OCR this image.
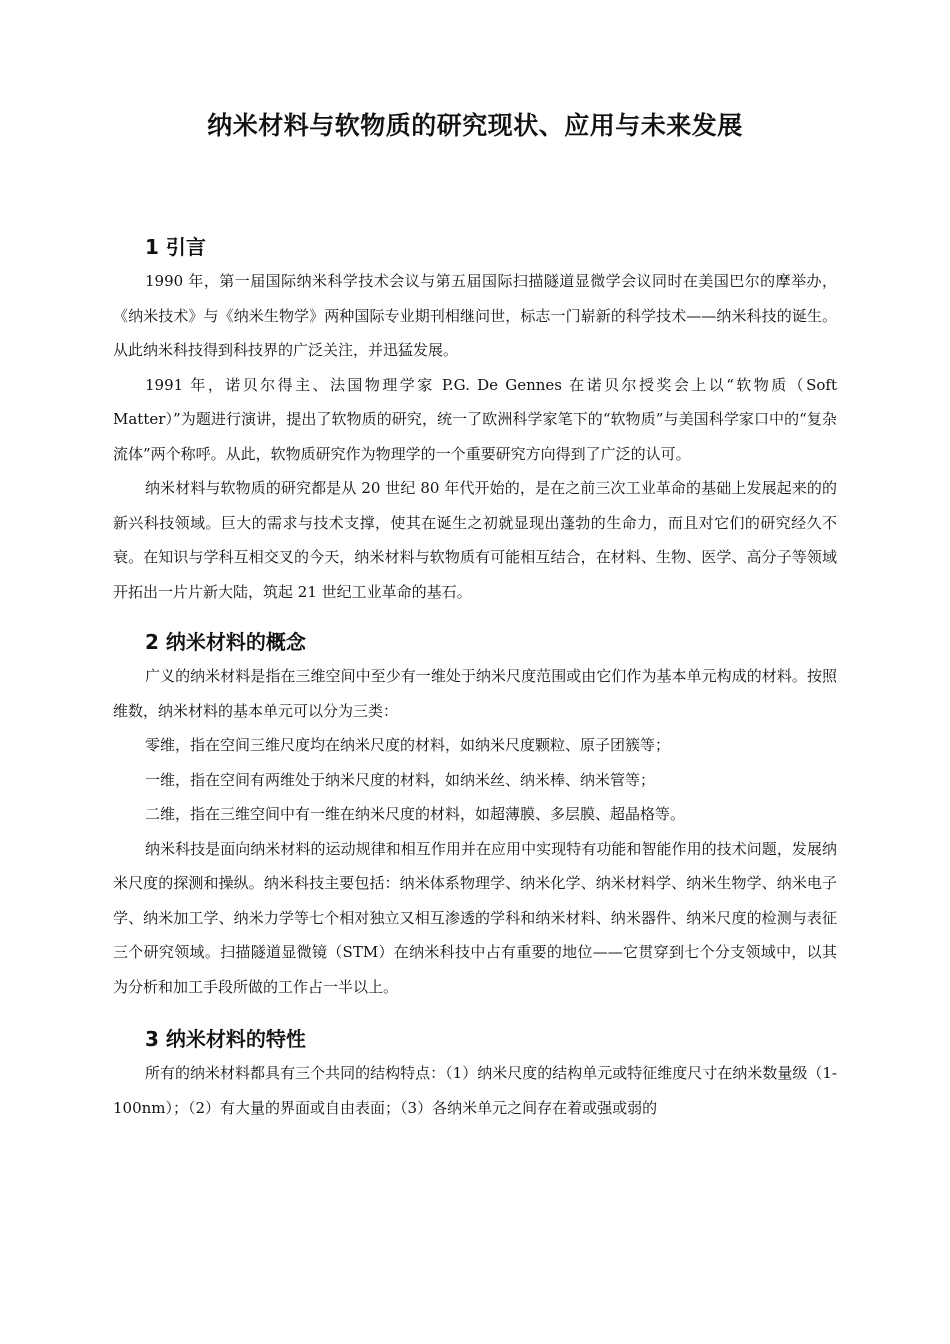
纳米材料与软物质的研究现状、应用与未来发展
1 引言

1990 年，第一届国际纳米科学技术会议与第五届国际扫描隧道显微学会议同时在美国巴尔的摩举办，《纳米技术》与《纳米生物学》两种国际专业期刊相继问世，标志一门崭新的科学技术——纳米科技的诞生。从此纳米科技得到科技界的广泛关注，并迅猛发展。

1991 年，诺贝尔得主、法国物理学家 P.G. De Gennes 在诺贝尔授奖会上以“软物质（Soft Matter）”为题进行演讲，提出了软物质的研究，统一了欧洲科学家笔下的“软物质”与美国科学家口中的“复杂流体”两个称呼。从此，软物质研究作为物理学的一个重要研究方向得到了广泛的认可。

纳米材料与软物质的研究都是从 20 世纪 80 年代开始的，是在之前三次工业革命的基础上发展起来的的新兴科技领域。巨大的需求与技术支撑，使其在诞生之初就显现出蓬勃的生命力，而且对它们的研究经久不衰。在知识与学科互相交叉的今天，纳米材料与软物质有可能相互结合，在材料、生物、医学、高分子等领域开拓出一片片新大陆，筑起 21 世纪工业革命的基石。

2 纳米材料的概念

广义的纳米材料是指在三维空间中至少有一维处于纳米尺度范围或由它们作为基本单元构成的材料。按照维数，纳米材料的基本单元可以分为三类：

零维，指在空间三维尺度均在纳米尺度的材料，如纳米尺度颗粒、原子团簇等；

一维，指在空间有两维处于纳米尺度的材料，如纳米丝、纳米棒、纳米管等；

二维，指在三维空间中有一维在纳米尺度的材料，如超薄膜、多层膜、超晶格等。

纳米科技是面向纳米材料的运动规律和相互作用并在应用中实现特有功能和智能作用的技术问题，发展纳米尺度的探测和操纵。纳米科技主要包括：纳米体系物理学、纳米化学、纳米材料学、纳米生物学、纳米电子学、纳米加工学、纳米力学等七个相对独立又相互渗透的学科和纳米材料、纳米器件、纳米尺度的检测与表征三个研究领域。扫描隧道显微镜（STM）在纳米科技中占有重要的地位——它贯穿到七个分支领域中，以其为分析和加工手段所做的工作占一半以上。

3 纳米材料的特性

所有的纳米材料都具有三个共同的结构特点：（1）纳米尺度的结构单元或特征维度尺寸在纳米数量级（1-100nm）；（2）有大量的界面或自由表面；（3）各纳米单元之间存在着或强或弱的
